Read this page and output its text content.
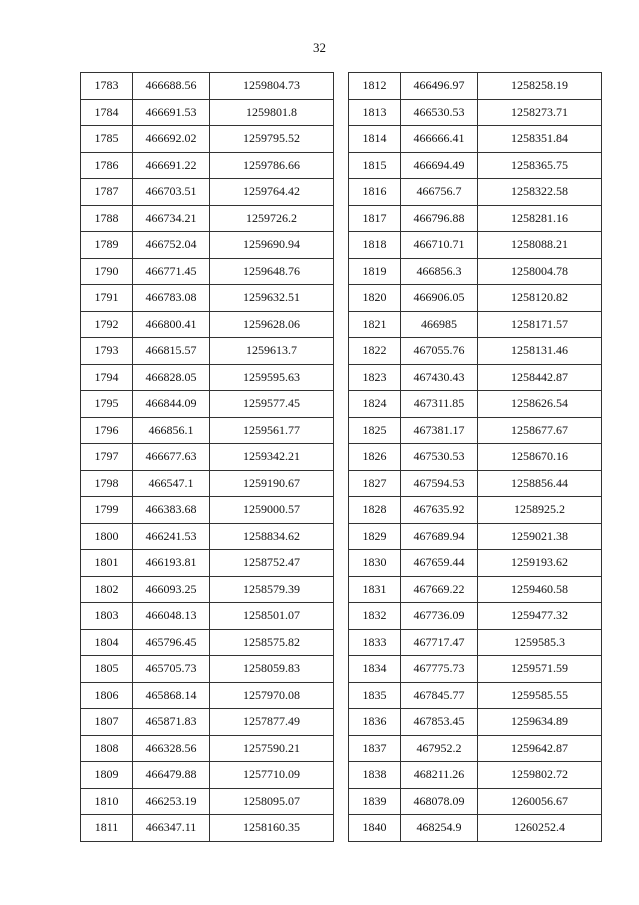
32
1783	466688.56	1259804.73
1784	466691.53	1259801.8
1785	466692.02	1259795.52
1786	466691.22	1259786.66
1787	466703.51	1259764.42
1788	466734.21	1259726.2
1789	466752.04	1259690.94
1790	466771.45	1259648.76
1791	466783.08	1259632.51
1792	466800.41	1259628.06
1793	466815.57	1259613.7
1794	466828.05	1259595.63
1795	466844.09	1259577.45
1796	466856.1	1259561.77
1797	466677.63	1259342.21
1798	466547.1	1259190.67
1799	466383.68	1259000.57
1800	466241.53	1258834.62
1801	466193.81	1258752.47
1802	466093.25	1258579.39
1803	466048.13	1258501.07
1804	465796.45	1258575.82
1805	465705.73	1258059.83
1806	465868.14	1257970.08
1807	465871.83	1257877.49
1808	466328.56	1257590.21
1809	466479.88	1257710.09
1810	466253.19	1258095.07
1811	466347.11	1258160.35
1812	466496.97	1258258.19
1813	466530.53	1258273.71
1814	466666.41	1258351.84
1815	466694.49	1258365.75
1816	466756.7	1258322.58
1817	466796.88	1258281.16
1818	466710.71	1258088.21
1819	466856.3	1258004.78
1820	466906.05	1258120.82
1821	466985	1258171.57
1822	467055.76	1258131.46
1823	467430.43	1258442.87
1824	467311.85	1258626.54
1825	467381.17	1258677.67
1826	467530.53	1258670.16
1827	467594.53	1258856.44
1828	467635.92	1258925.2
1829	467689.94	1259021.38
1830	467659.44	1259193.62
1831	467669.22	1259460.58
1832	467736.09	1259477.32
1833	467717.47	1259585.3
1834	467775.73	1259571.59
1835	467845.77	1259585.55
1836	467853.45	1259634.89
1837	467952.2	1259642.87
1838	468211.26	1259802.72
1839	468078.09	1260056.67
1840	468254.9	1260252.4
